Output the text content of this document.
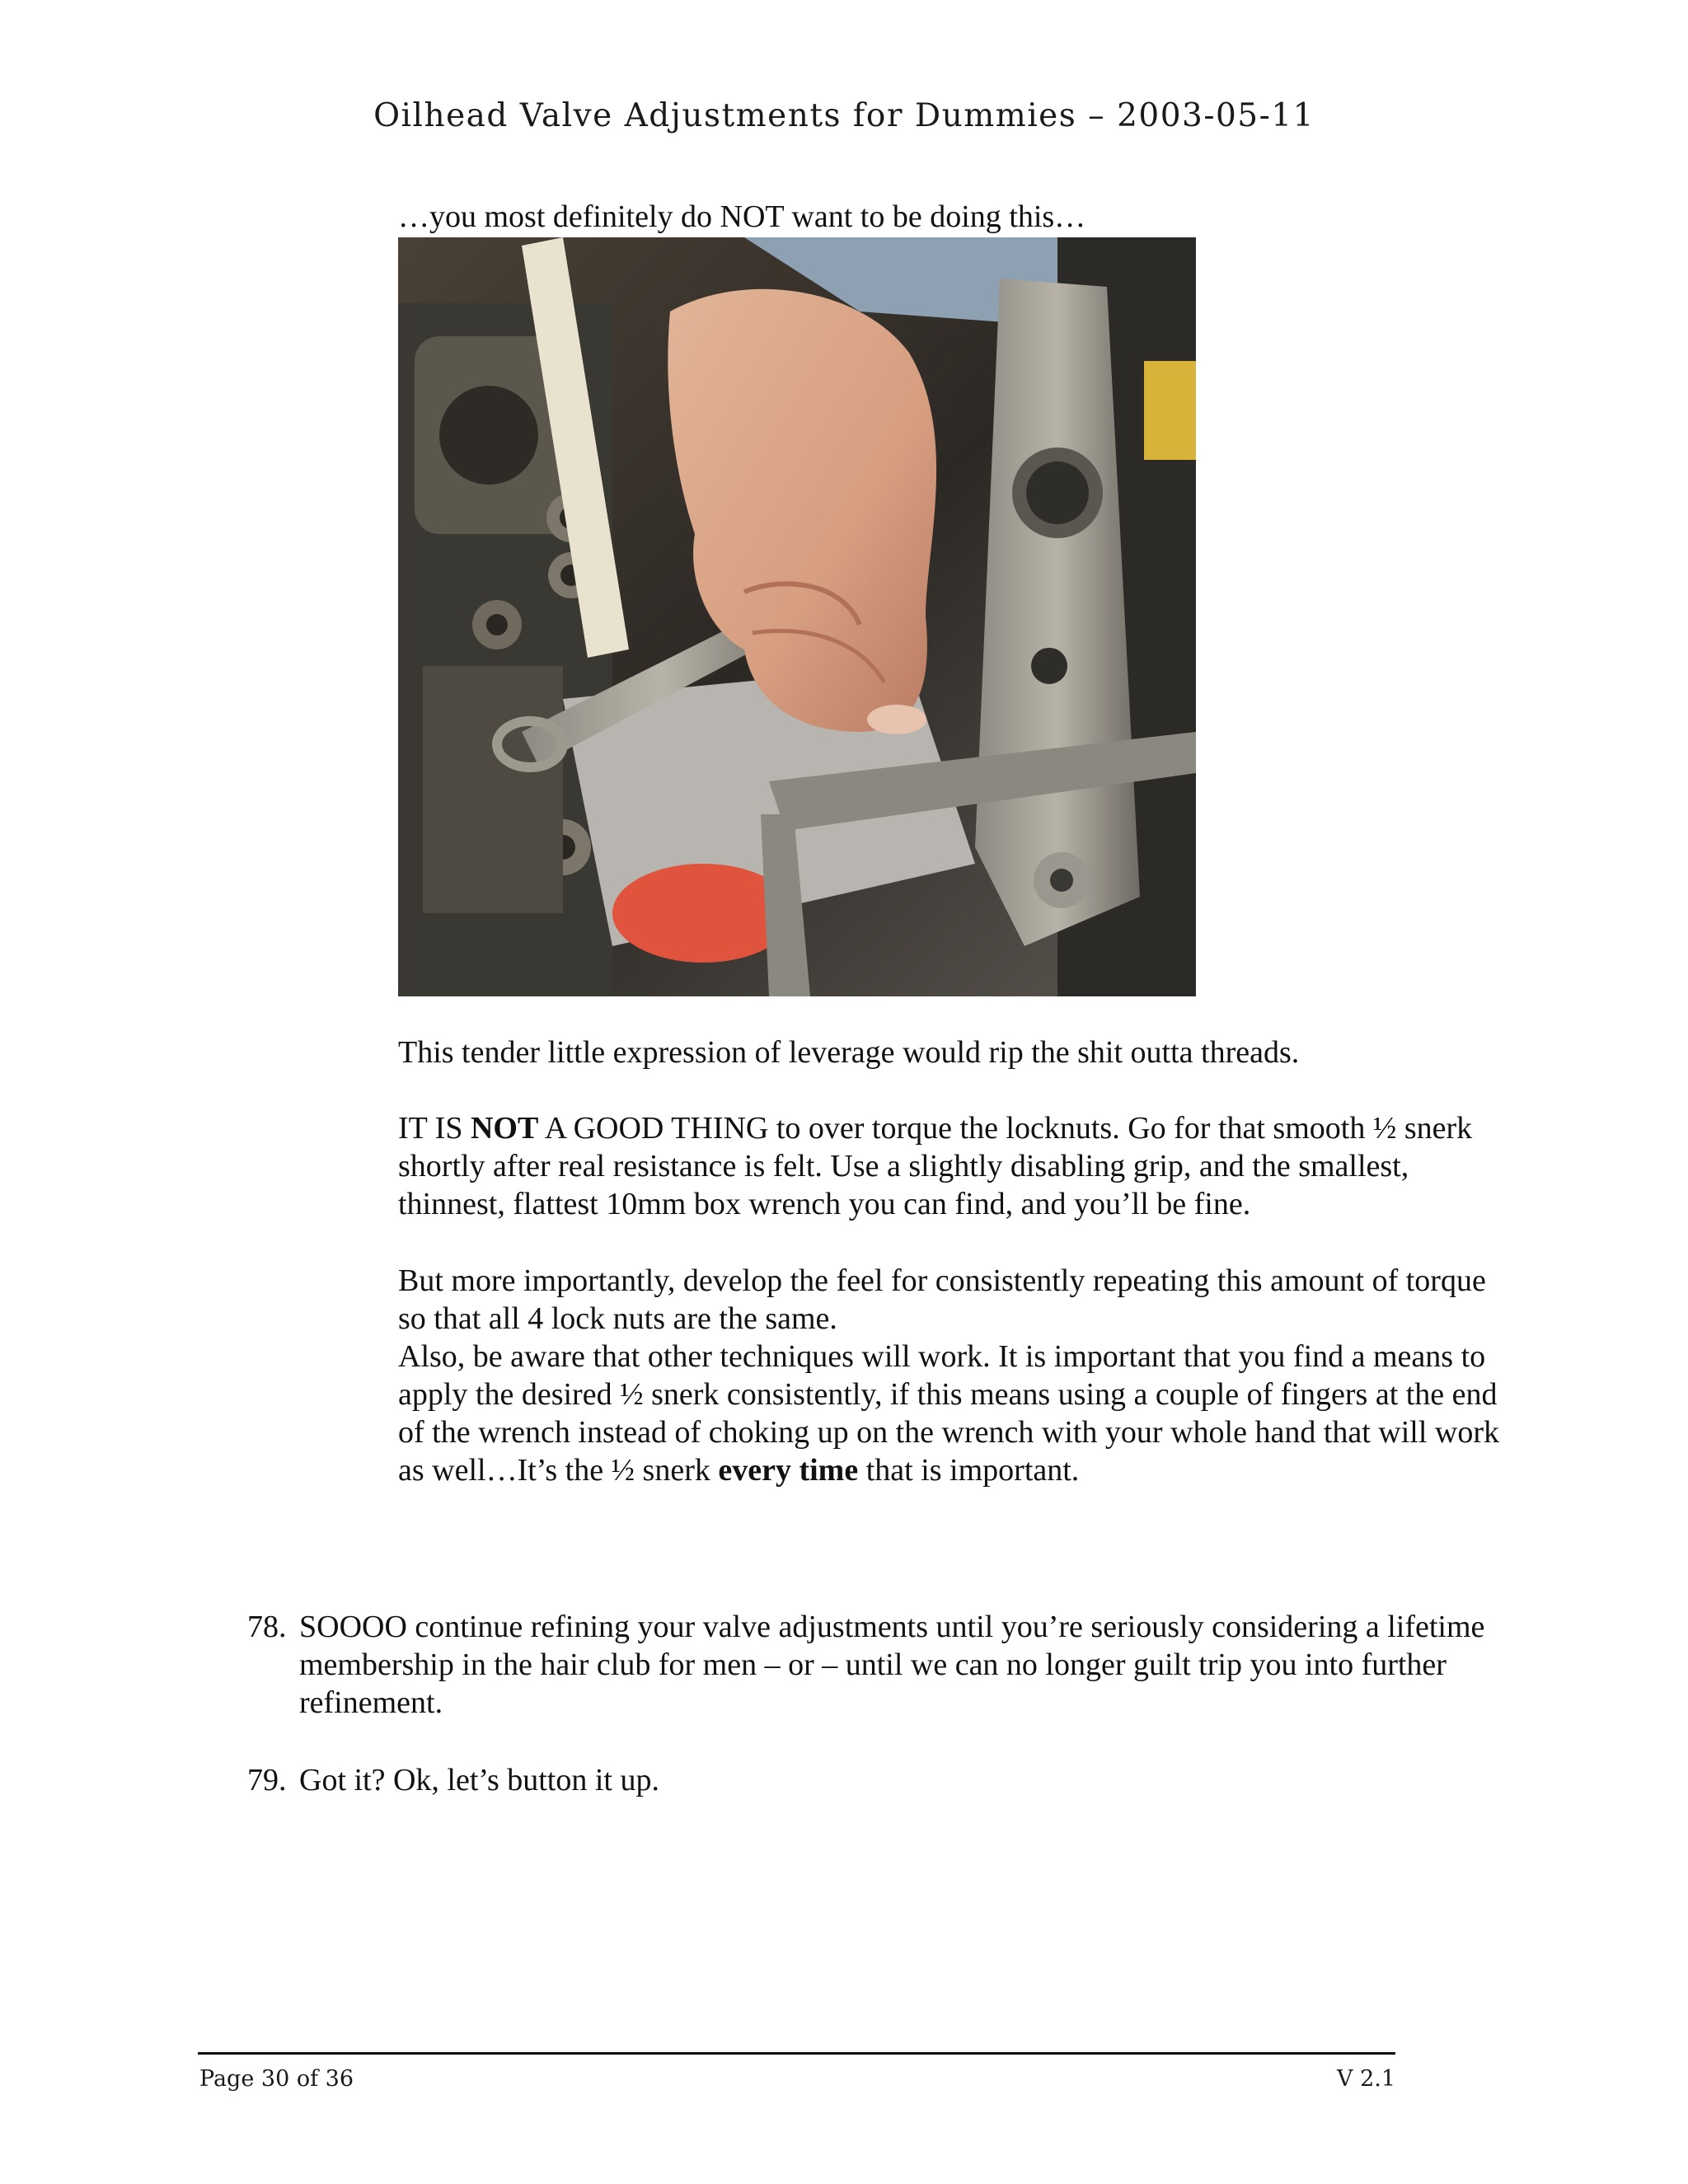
Oilhead Valve Adjustments for Dummies – 2003-05-11
…you most definitely do NOT want to be doing this…

This tender little expression of leverage would rip the shit outta threads.

IT IS NOT A GOOD THING to over torque the locknuts. Go for that smooth ½ snerk shortly after real resistance is felt. Use a slightly disabling grip, and the smallest, thinnest, flattest 10mm box wrench you can find, and you’ll be fine.

But more importantly, develop the feel for consistently repeating this amount of torque so that all 4 lock nuts are the same.
Also, be aware that other techniques will work. It is important that you find a means to apply the desired ½ snerk consistently, if this means using a couple of fingers at the end of the wrench instead of choking up on the wrench with your whole hand that will work as well…It’s the ½ snerk every time that is important.

78. SOOOO continue refining your valve adjustments until you’re seriously considering a lifetime membership in the hair club for men – or – until we can no longer guilt trip you into further refinement.
79. Got it? Ok, let’s button it up.
Page 30 of 36	V 2.1
